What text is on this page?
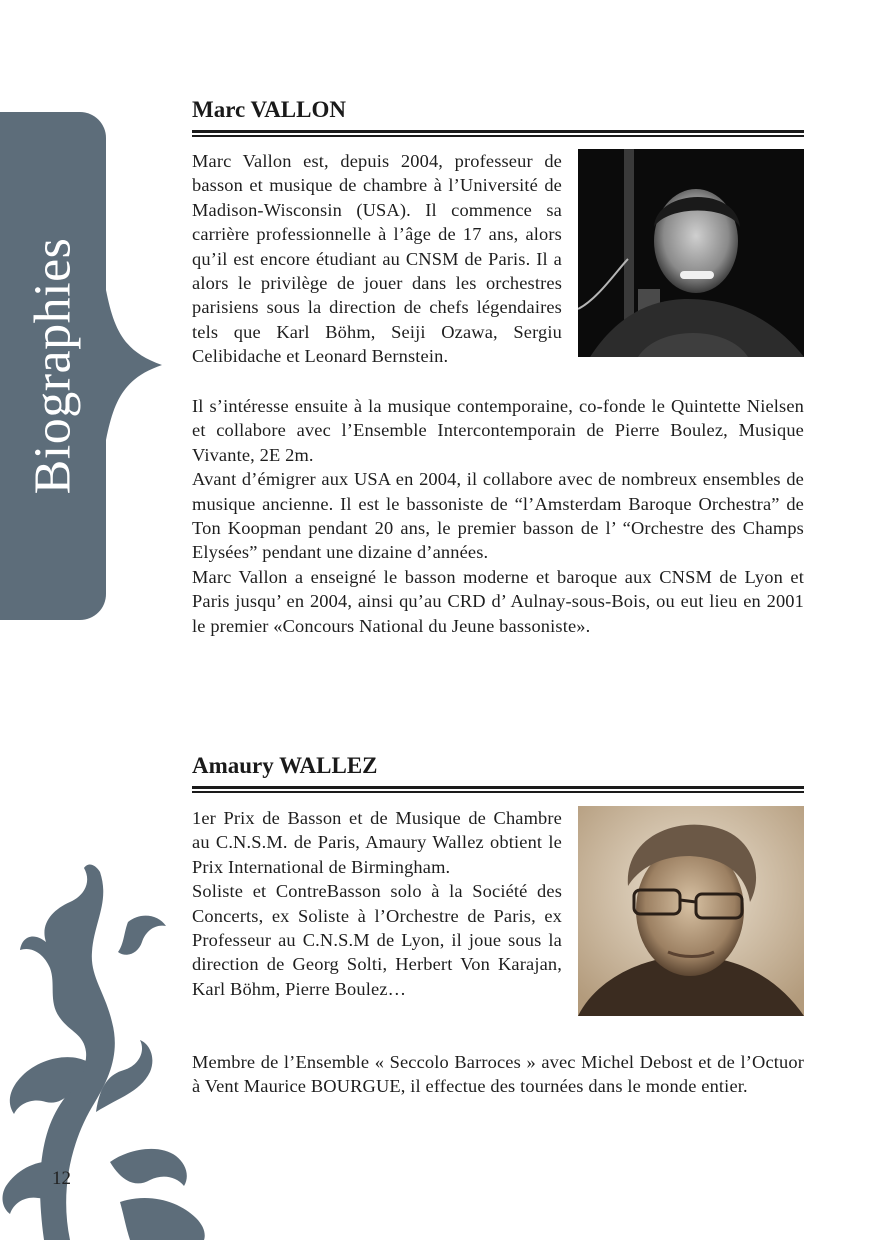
Biographies
12
Marc VALLON

Marc Vallon est, depuis 2004, professeur de basson et musique de chambre à l’Université de Madison-Wisconsin (USA). Il commence sa carrière professionnelle à l’âge de 17 ans, alors qu’il est encore étudiant au CNSM de Paris. Il a alors le privilège de jouer dans les orchestres parisiens sous la direction de chefs légendaires tels que Karl Böhm, Seiji Ozawa, Sergiu Celibidache et Leonard Bernstein.

Il s’intéresse ensuite à la musique contemporaine, co-fonde le Quintette Nielsen et collabore avec l’Ensemble Intercontemporain de Pierre Boulez, Musique Vivante, 2E 2m.

Avant d’émigrer aux USA en 2004, il collabore avec de nombreux ensembles de musique ancienne. Il est le bassoniste de “l’Amsterdam Baroque Orchestra” de Ton Koopman pendant 20 ans, le premier basson de l’ “Orchestre des Champs Elysées” pendant une dizaine d’années.

Marc Vallon a enseigné le basson moderne et baroque aux CNSM de Lyon et Paris jusqu’ en 2004, ainsi qu’au CRD d’ Aulnay-sous-Bois, ou eut lieu en 2001 le premier «Concours National du Jeune bassoniste».

Amaury WALLEZ

1er Prix de Basson et de Musique de Chambre au C.N.S.M. de Paris, Amaury Wallez obtient le Prix International de Birmingham.

Soliste et ContreBasson solo à la Société des Concerts, ex Soliste à l’Orchestre de Paris, ex Professeur au C.N.S.M de Lyon, il joue sous la direction de Georg Solti, Herbert Von Karajan, Karl Böhm, Pierre Boulez…

Membre de l’Ensemble « Seccolo Barroces » avec Michel Debost et de l’Octuor à Vent Maurice BOURGUE, il effectue des tournées dans le monde entier.
